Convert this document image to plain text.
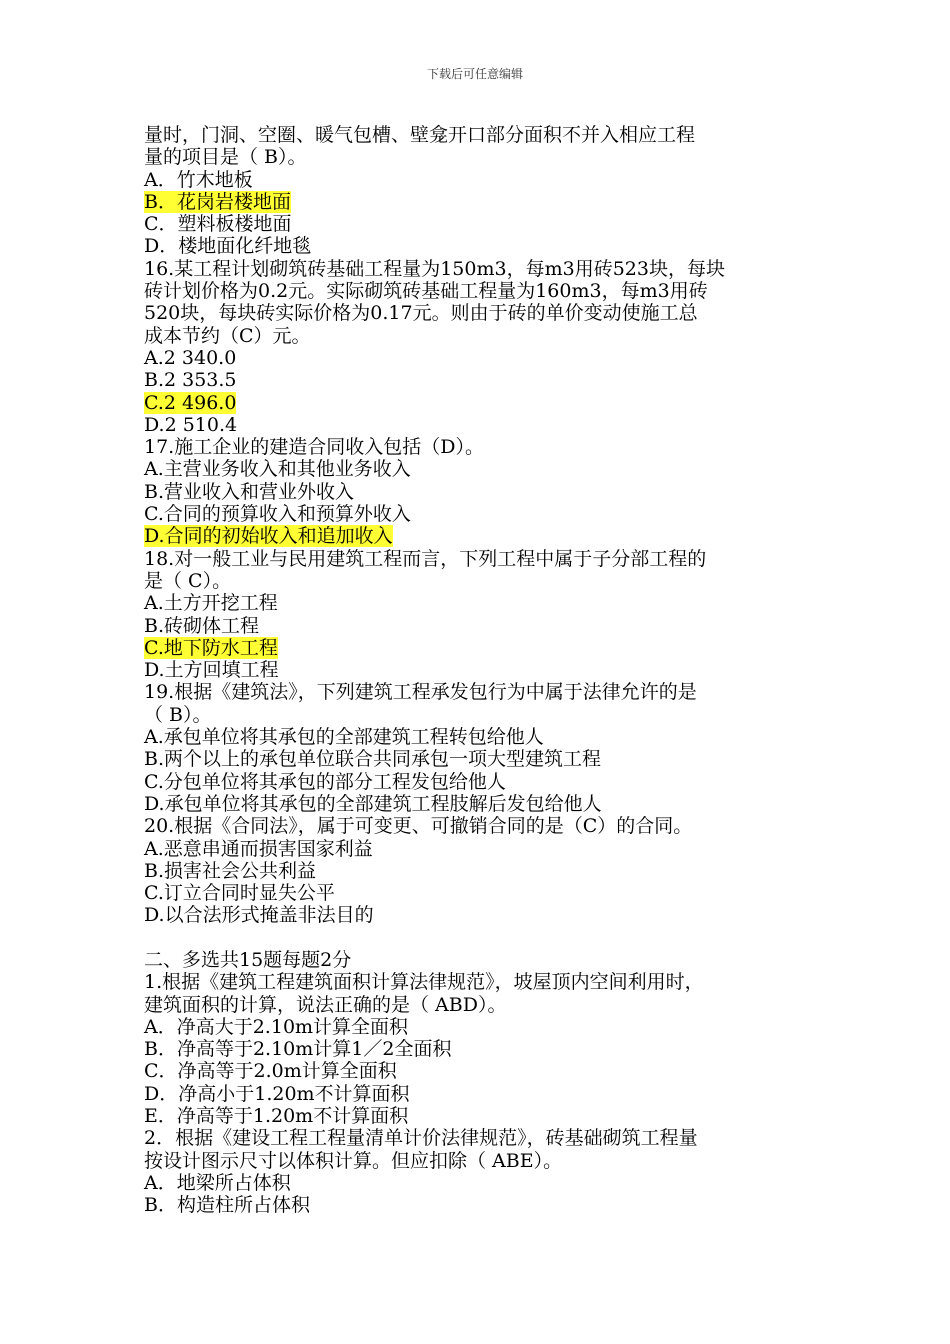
下载后可任意编辑
量时，门洞、空圈、暖气包槽、壁龛开口部分面积不并入相应工程
量的项目是（ B）。
A．竹木地板
B．花岗岩楼地面
C．塑料板楼地面
D．楼地面化纤地毯
16.某工程计划砌筑砖基础工程量为150m3，每m3用砖523块，每块
砖计划价格为0.2元。实际砌筑砖基础工程量为160m3，每m3用砖
520块，每块砖实际价格为0.17元。则由于砖的单价变动使施工总
成本节约（C）元。
A.2 340.0
B.2 353.5
C.2 496.0
D.2 510.4
17.施工企业的建造合同收入包括（D）。
A.主营业务收入和其他业务收入
B.营业收入和营业外收入
C.合同的预算收入和预算外收入
D.合同的初始收入和追加收入
18.对一般工业与民用建筑工程而言，下列工程中属于子分部工程的
是（ C）。
A.土方开挖工程
B.砖砌体工程
C.地下防水工程
D.土方回填工程
19.根据《建筑法》，下列建筑工程承发包行为中属于法律允许的是
（ B）。
A.承包单位将其承包的全部建筑工程转包给他人
B.两个以上的承包单位联合共同承包一项大型建筑工程
C.分包单位将其承包的部分工程发包给他人
D.承包单位将其承包的全部建筑工程肢解后发包给他人
20.根据《合同法》，属于可变更、可撤销合同的是（C）的合同。
A.恶意串通而损害国家利益
B.损害社会公共利益
C.订立合同时显失公平
D.以合法形式掩盖非法目的
二、多选共15题每题2分
1.根据《建筑工程建筑面积计算法律规范》，坡屋顶内空间利用时，
建筑面积的计算，说法正确的是（ ABD）。
A．净高大于2.10m计算全面积
B．净高等于2.10m计算1／2全面积
C．净高等于2.0m计算全面积
D．净高小于1.20m不计算面积
E．净高等于1.20m不计算面积
2．根据《建设工程工程量清单计价法律规范》，砖基础砌筑工程量
按设计图示尺寸以体积计算。但应扣除（ ABE）。
A．地梁所占体积
B．构造柱所占体积
